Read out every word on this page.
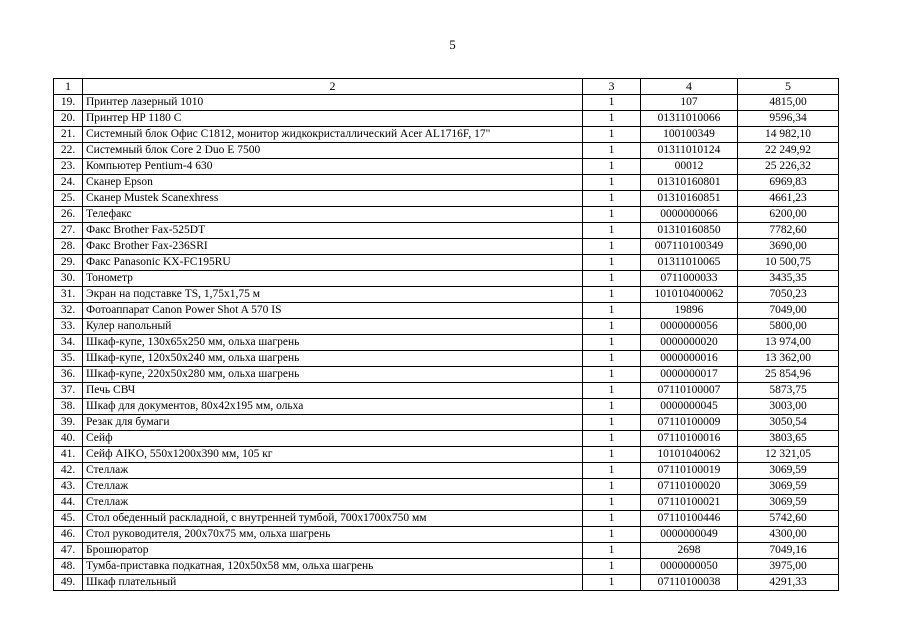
5
1	2	3	4	5
19.	Принтер лазерный 1010	1	107	4815,00
20.	Принтер HP 1180 C	1	01311010066	9596,34
21.	Системный блок Офис C1812, монитор жидкокристаллический Acer AL1716F, 17"	1	100100349	14 982,10
22.	Системный блок Core 2 Duo E 7500	1	01311010124	22 249,92
23.	Компьютер Pentium-4 630	1	00012	25 226,32
24.	Сканер Epson	1	01310160801	6969,83
25.	Сканер Mustek Scanexhress	1	01310160851	4661,23
26.	Телефакс	1	0000000066	6200,00
27.	Факс Brother Fax-525DT	1	01310160850	7782,60
28.	Факс Brother Fax-236SRI	1	007110100349	3690,00
29.	Факс Panasonic KX-FC195RU	1	01311010065	10 500,75
30.	Тонометр	1	0711000033	3435,35
31.	Экран на подставке TS, 1,75x1,75 м	1	101010400062	7050,23
32.	Фотоаппарат Canon Power Shot A 570 IS	1	19896	7049,00
33.	Кулер напольный	1	0000000056	5800,00
34.	Шкаф-купе, 130x65x250 мм, ольха шагрень	1	0000000020	13 974,00
35.	Шкаф-купе, 120x50x240 мм, ольха шагрень	1	0000000016	13 362,00
36.	Шкаф-купе, 220x50x280 мм, ольха шагрень	1	0000000017	25 854,96
37.	Печь СВЧ	1	07110100007	5873,75
38.	Шкаф для документов, 80x42x195 мм, ольха	1	0000000045	3003,00
39.	Резак для бумаги	1	07110100009	3050,54
40.	Сейф	1	07110100016	3803,65
41.	Сейф AIKO, 550x1200x390 мм, 105 кг	1	10101040062	12 321,05
42.	Стеллаж	1	07110100019	3069,59
43.	Стеллаж	1	07110100020	3069,59
44.	Стеллаж	1	07110100021	3069,59
45.	Стол обеденный раскладной, с внутренней тумбой, 700x1700x750 мм	1	07110100446	5742,60
46.	Стол руководителя, 200x70x75 мм, ольха шагрень	1	0000000049	4300,00
47.	Брошюратор	1	2698	7049,16
48.	Тумба-приставка подкатная, 120x50x58 мм, ольха шагрень	1	0000000050	3975,00
49.	Шкаф плательный	1	07110100038	4291,33
